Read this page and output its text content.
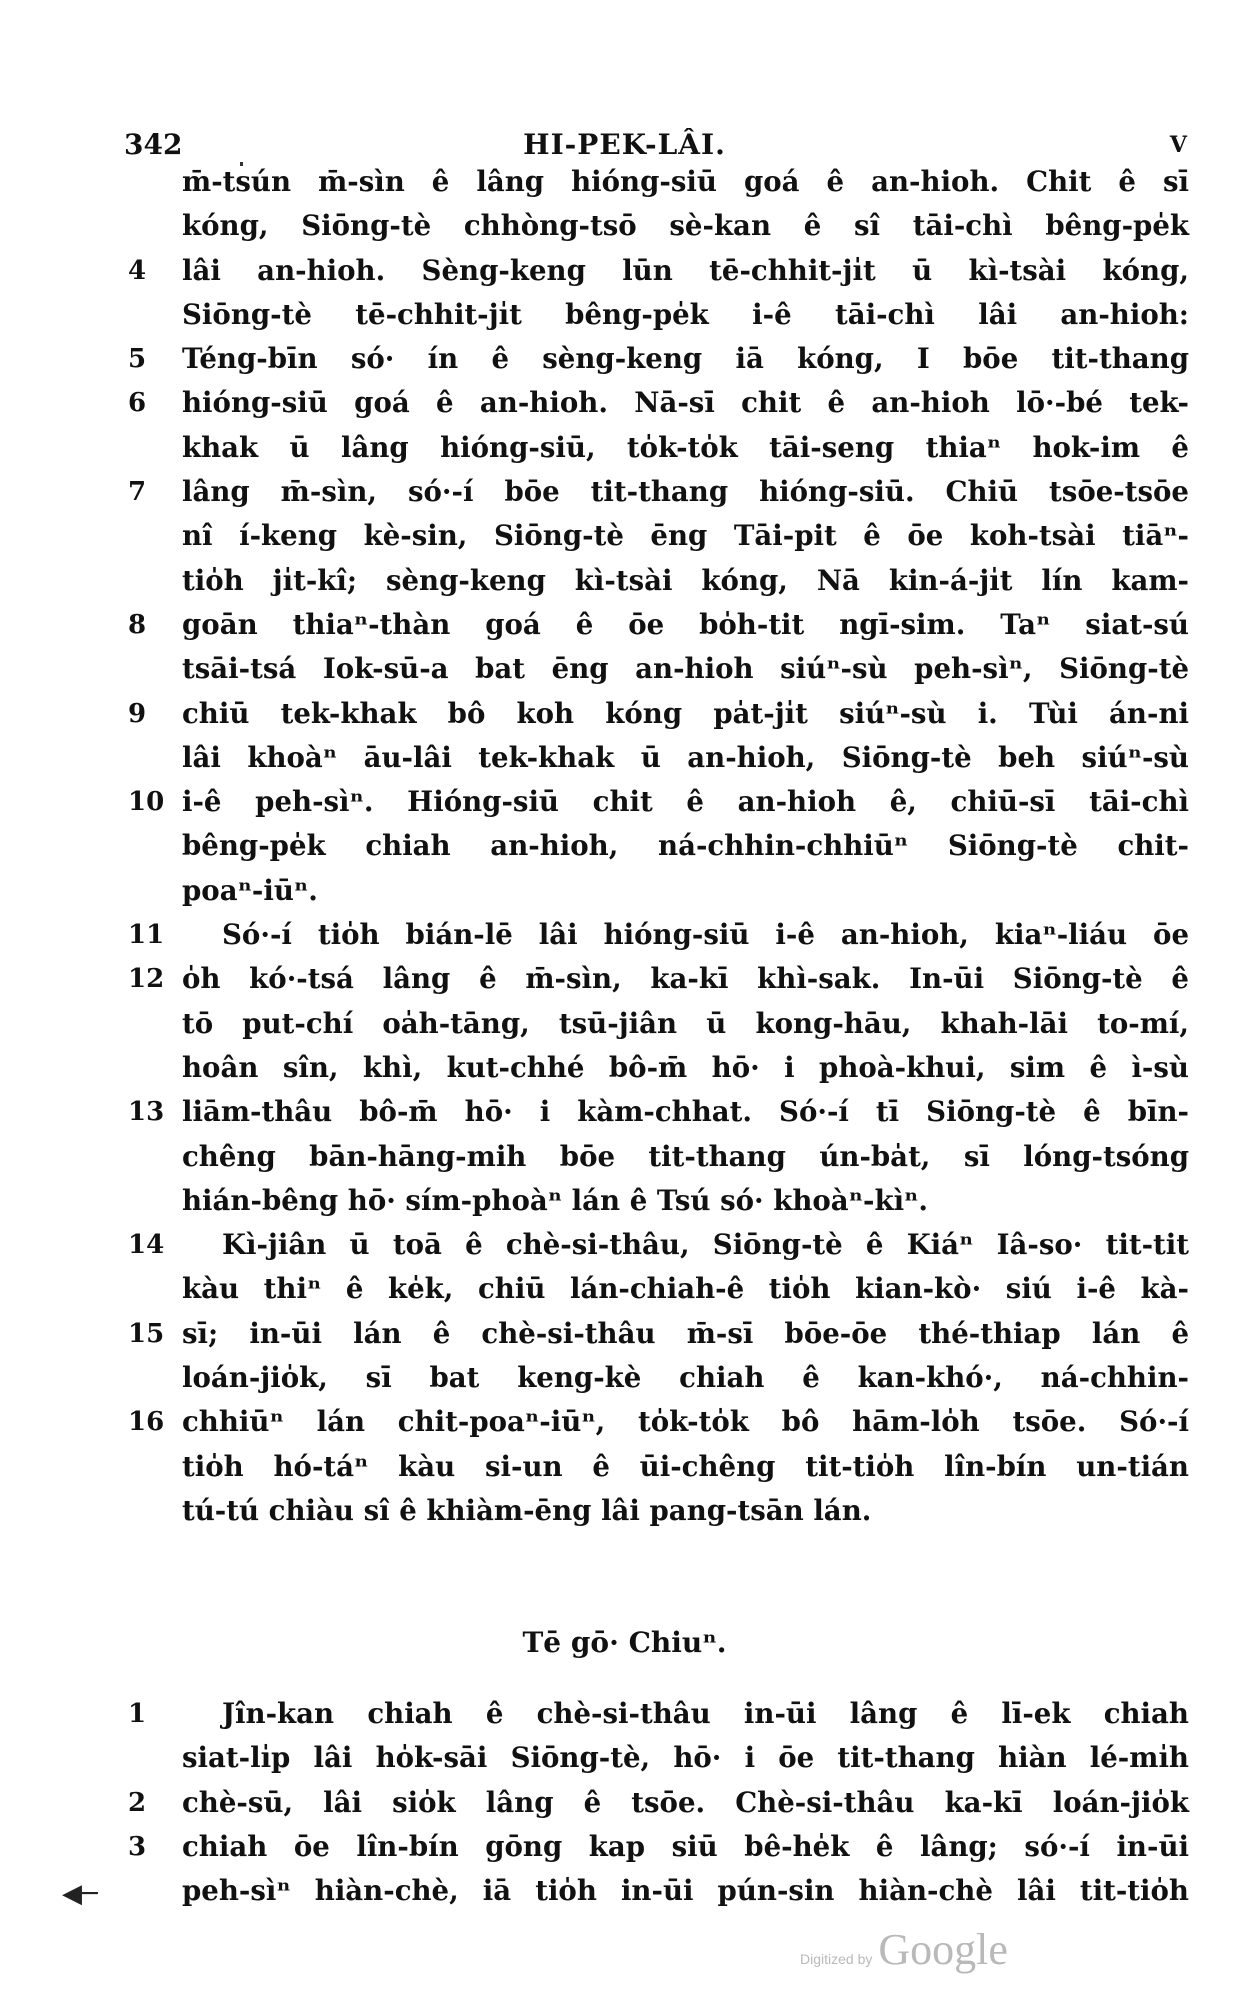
342	HI-PEK-LÂI.	V
m̄-tsún m̄-sìn ê lâng hióng-siū goá ê an-hioh. Chit ê sī
kóng, Siōng-tè chhòng-tsō sè-kan ê sî tāi-chì bêng-pe̍k
4	lâi an-hioh. Sèng-keng lūn tē-chhit-ji̍t ū kì-tsài kóng,
Siōng-tè tē-chhit-ji̍t bêng-pe̍k i-ê tāi-chì lâi an-hioh:
5	Téng-bīn só· ín ê sèng-keng iā kóng, I bōe tit-thang
6	hióng-siū goá ê an-hioh. Nā-sī chit ê an-hioh lō·-bé tek-
khak ū lâng hióng-siū, to̍k-to̍k tāi-seng thiaⁿ hok-im ê
7	lâng m̄-sìn, só·-í bōe tit-thang hióng-siū. Chiū tsōe-tsōe
nî í-keng kè-sin, Siōng-tè ēng Tāi-pit ê ōe koh-tsài tiāⁿ-
tio̍h ji̍t-kî; sèng-keng kì-tsài kóng, Nā kin-á-ji̍t lín kam-
8	goān thiaⁿ-thàn goá ê ōe bo̍h-tit ngī-sim. Taⁿ siat-sú
tsāi-tsá Iok-sū-a bat ēng an-hioh siúⁿ-sù peh-sìⁿ, Siōng-tè
9	chiū tek-khak bô koh kóng pa̍t-ji̍t siúⁿ-sù i. Tùi án-ni
lâi khoàⁿ āu-lâi tek-khak ū an-hioh, Siōng-tè beh siúⁿ-sù
10 i-ê peh-sìⁿ. Hióng-siū chit ê an-hioh ê, chiū-sī tāi-chì
bêng-pe̍k chiah an-hioh, ná-chhin-chhiūⁿ Siōng-tè chit-
poaⁿ-iūⁿ.
11 Só·-í tio̍h bián-lē lâi hióng-siū i-ê an-hioh, kiaⁿ-liáu ōe
12 o̍h kó·-tsá lâng ê m̄-sìn, ka-kī khì-sak. In-ūi Siōng-tè ê
tō put-chí oa̍h-tāng, tsū-jiân ū kong-hāu, khah-lāi to-mí,
hoân sîn, khì, kut-chhé bô-m̄ hō· i phoà-khui, sim ê ì-sù
13 liām-thâu bô-m̄ hō· i kàm-chhat. Só·-í tī Siōng-tè ê bīn-
chêng bān-hāng-mih bōe tit-thang ún-ba̍t, sī lóng-tsóng
hián-bêng hō· sím-phoàⁿ lán ê Tsú só· khoàⁿ-kìⁿ.
14 Kì-jiân ū toā ê chè-si-thâu, Siōng-tè ê Kiáⁿ Iâ-so· tit-tit
kàu thiⁿ ê ke̍k, chiū lán-chiah-ê tio̍h kian-kò· siú i-ê kà-
15 sī; in-ūi lán ê chè-si-thâu m̄-sī bōe-ōe thé-thiap lán ê
loán-jio̍k, sī bat keng-kè chiah ê kan-khó·, ná-chhin-
16 chhiūⁿ lán chit-poaⁿ-iūⁿ, to̍k-to̍k bô hām-lo̍h tsōe. Só·-í
tio̍h hó-táⁿ kàu si-un ê ūi-chêng tit-tio̍h lîn-bín un-tián
tú-tú chiàu sî ê khiàm-ēng lâi pang-tsān lán.
Tē gō· Chiuⁿ.
1	Jîn-kan chiah ê chè-si-thâu in-ūi lâng ê lī-ek chiah
siat-li̍p lâi ho̍k-sāi Siōng-tè, hō· i ōe tit-thang hiàn lé-mi̍h
2	chè-sū, lâi sio̍k lâng ê tsōe. Chè-si-thâu ka-kī loán-jio̍k
3	chiah ōe lîn-bín gōng kap siū bê-he̍k ê lâng; só·-í in-ūi
peh-sìⁿ hiàn-chè, iā tio̍h in-ūi pún-sin hiàn-chè lâi tit-tio̍h
◀─
Digitized by Google
